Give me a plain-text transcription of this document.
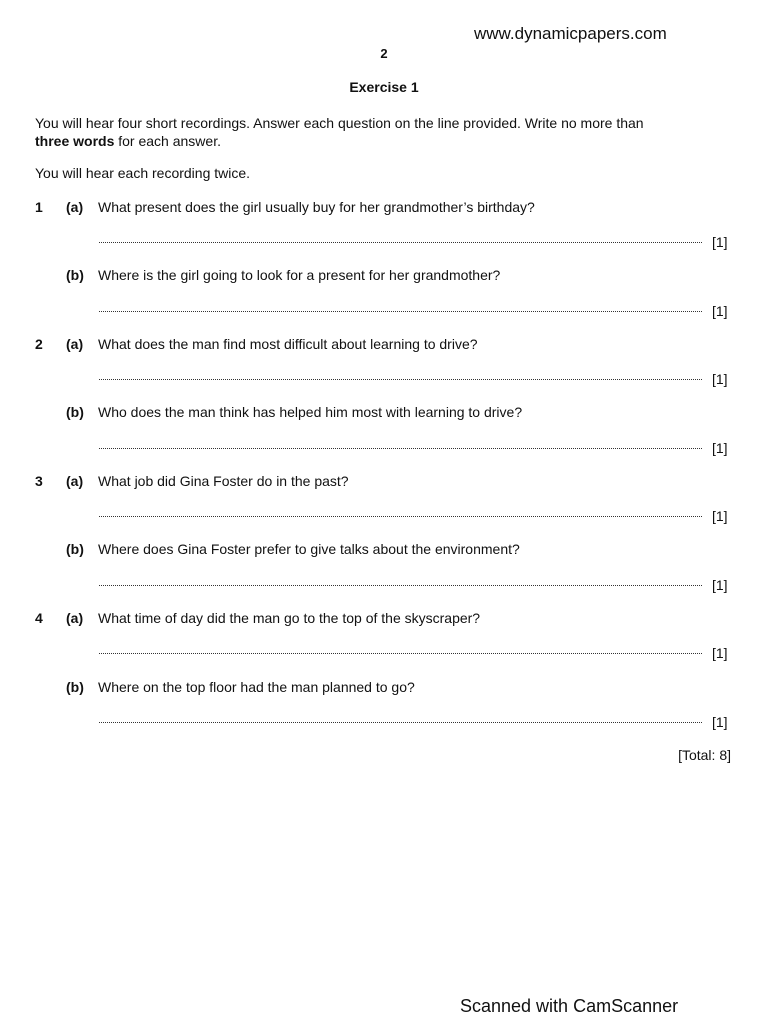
www.dynamicpapers.com
2
Exercise 1
You will hear four short recordings. Answer each question on the line provided. Write no more than
three words for each answer.
You will hear each recording twice.
1 (a) What present does the girl usually buy for her grandmother’s birthday?
[1]
(b) Where is the girl going to look for a present for her grandmother?
[1]
2 (a) What does the man find most difficult about learning to drive?
[1]
(b) Who does the man think has helped him most with learning to drive?
[1]
3 (a) What job did Gina Foster do in the past?
[1]
(b) Where does Gina Foster prefer to give talks about the environment?
[1]
4 (a) What time of day did the man go to the top of the skyscraper?
[1]
(b) Where on the top floor had the man planned to go?
[1]
[Total: 8]
Scanned with CamScanner
